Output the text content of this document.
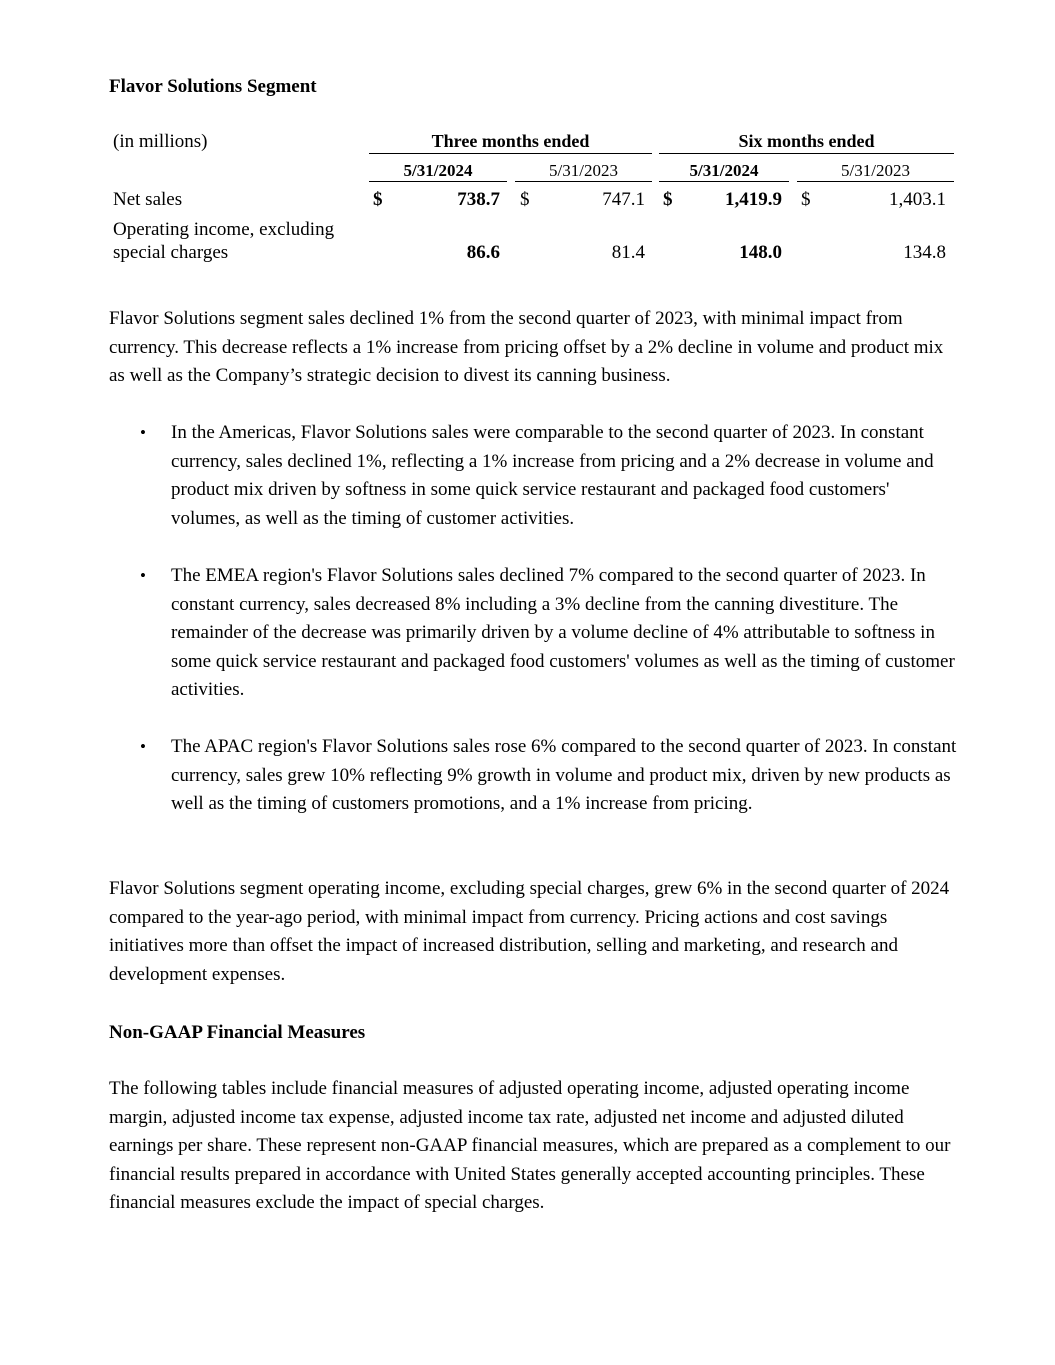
Flavor Solutions Segment
(in millions)	Three months ended	Six months ended
5/31/2024	5/31/2023	5/31/2024	5/31/2023
Net sales	$	738.7 $	747.1 $	1,419.9 $	1,403.1
Operating income, excluding
special charges	86.6	81.4	148.0	134.8
Flavor Solutions segment sales declined 1% from the second quarter of 2023, with minimal impact from currency. This decrease reflects a 1% increase from pricing offset by a 2% decline in volume and product mix as well as the Company’s strategic decision to divest its canning business.
• In the Americas, Flavor Solutions sales were comparable to the second quarter of 2023. In constant currency, sales declined 1%, reflecting a 1% increase from pricing and a 2% decrease in volume and product mix driven by softness in some quick service restaurant and packaged food customers' volumes, as well as the timing of customer activities.
• The EMEA region's Flavor Solutions sales declined 7% compared to the second quarter of 2023. In constant currency, sales decreased 8% including a 3% decline from the canning divestiture. The remainder of the decrease was primarily driven by a volume decline of 4% attributable to softness in some quick service restaurant and packaged food customers' volumes as well as the timing of customer activities.
• The APAC region's Flavor Solutions sales rose 6% compared to the second quarter of 2023. In constant currency, sales grew 10% reflecting 9% growth in volume and product mix, driven by new products as well as the timing of customers promotions, and a 1% increase from pricing.
Flavor Solutions segment operating income, excluding special charges, grew 6% in the second quarter of 2024 compared to the year-ago period, with minimal impact from currency. Pricing actions and cost savings initiatives more than offset the impact of increased distribution, selling and marketing, and research and development expenses.
Non-GAAP Financial Measures
The following tables include financial measures of adjusted operating income, adjusted operating income margin, adjusted income tax expense, adjusted income tax rate, adjusted net income and adjusted diluted earnings per share. These represent non-GAAP financial measures, which are prepared as a complement to our financial results prepared in accordance with United States generally accepted accounting principles. These financial measures exclude the impact of special charges.
